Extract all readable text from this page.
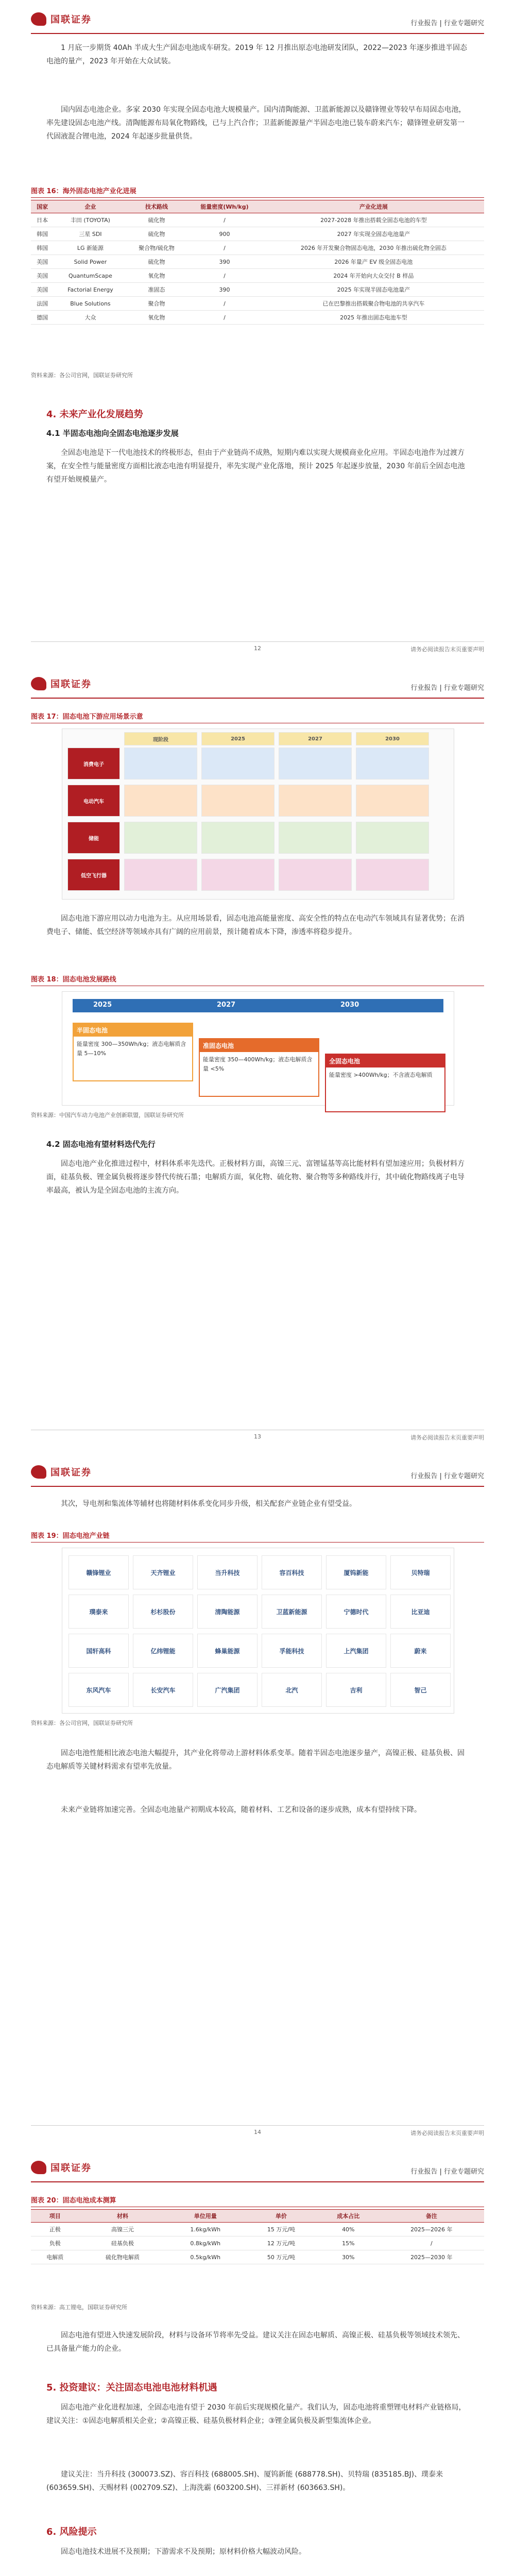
国联证券	行业报告 | 行业专题研究
1 月底一步期货 40Ah 半成大生产固态电池成车研发。2019 年 12 月推出原态电池研发团队，2022—2023 年逐步推进半固态电池的量产，2023 年开始在大众试装。
国内固态电池企业。多家 2030 年实现全固态电池大规模量产。国内清陶能源、卫蓝新能源以及赣锋锂业等较早布局固态电池，率先建设固态电池产线。清陶能源布局氧化物路线，已与上汽合作；卫蓝新能源量产半固态电池已装车蔚来汽车；赣锋锂业研发第一代固液混合锂电池，2024 年起逐步批量供货。
图表 16：海外固态电池产业化进展
国家	企业	技术路线	能量密度(Wh/kg)	产业化进展
日本	丰田 (TOYOTA)	硫化物	/	2027-2028 年推出搭载全固态电池的车型
韩国	三星 SDI	硫化物	900	2027 年实现全固态电池量产
韩国	LG 新能源	聚合物/硫化物	/	2026 年开发聚合物固态电池，2030 年推出硫化物全固态
美国	Solid Power	硫化物	390	2026 年量产 EV 级全固态电池
美国	QuantumScape	氧化物	/	2024 年开始向大众交付 B 样品
美国	Factorial Energy	准固态	390	2025 年实现半固态电池量产
法国	Blue Solutions	聚合物	/	已在巴黎推出搭载聚合物电池的共享汽车
德国	大众	氧化物	/	2025 年推出固态电池车型
资料来源：各公司官网，国联证券研究所
4. 未来产业化发展趋势
4.1 半固态电池向全固态电池逐步发展
全固态电池是下一代电池技术的终极形态，但由于产业链尚不成熟，短期内难以实现大规模商业化应用。半固态电池作为过渡方案，在安全性与能量密度方面相比液态电池有明显提升，率先实现产业化落地，预计 2025 年起逐步放量，2030 年前后全固态电池有望开始规模量产。
12	请务必阅读报告末页重要声明
国联证券	行业报告 | 行业专题研究
图表 17：固态电池下游应用场景示意
现阶段	2025	2027	2030
消费电子
电动汽车
储能
低空飞行器
固态电池下游应用以动力电池为主。从应用场景看，固态电池高能量密度、高安全性的特点在电动汽车领域具有显著优势；在消费电子、储能、低空经济等领域亦具有广阔的应用前景，预计随着成本下降，渗透率将稳步提升。
图表 18：固态电池发展路线
2025	2027	2030
半固态电池
能量密度 300—350Wh/kg；液态电解质含量 5—10%
准固态电池
能量密度 350—400Wh/kg；液态电解质含量 <5%
全固态电池
能量密度 >400Wh/kg；不含液态电解质
资料来源：中国汽车动力电池产业创新联盟，国联证券研究所
4.2 固态电池有望材料迭代先行
固态电池产业化推进过程中，材料体系率先迭代。正极材料方面，高镍三元、富锂锰基等高比能材料有望加速应用；负极材料方面，硅基负极、锂金属负极将逐步替代传统石墨；电解质方面，氧化物、硫化物、聚合物等多种路线并行，其中硫化物路线离子电导率最高，被认为是全固态电池的主流方向。
13	请务必阅读报告末页重要声明
国联证券	行业报告 | 行业专题研究
其次，导电剂和集流体等辅材也将随材料体系变化同步升级，相关配套产业链企业有望受益。
图表 19：固态电池产业链
赣锋锂业	天齐锂业	当升科技	容百科技	厦钨新能	贝特瑞
璞泰来	杉杉股份	清陶能源	卫蓝新能源	宁德时代	比亚迪
国轩高科	亿纬锂能	蜂巢能源	孚能科技	上汽集团	蔚来
东风汽车	长安汽车	广汽集团	北汽	吉利	智己
资料来源：各公司官网，国联证券研究所
固态电池性能相比液态电池大幅提升，其产业化将带动上游材料体系变革。随着半固态电池逐步量产，高镍正极、硅基负极、固态电解质等关键材料需求有望率先放量。
未来产业链将加速完善。全固态电池量产初期成本较高，随着材料、工艺和设备的逐步成熟，成本有望持续下降。
14	请务必阅读报告末页重要声明
国联证券	行业报告 | 行业专题研究
图表 20：固态电池成本测算
项目	材料	单位用量	单价	成本占比	备注
正极	高镍三元	1.6kg/kWh	15 万元/吨	40%	2025—2026 年
负极	硅基负极	0.8kg/kWh	12 万元/吨	15%	/
电解质	硫化物电解质	0.5kg/kWh	50 万元/吨	30%	2025—2030 年
资料来源：高工锂电，国联证券研究所
固态电池有望进入快速发展阶段，材料与设备环节将率先受益。建议关注在固态电解质、高镍正极、硅基负极等领域技术领先、已具备量产能力的企业。
5. 投资建议：关注固态电池电池材料机遇
固态电池产业化进程加速，全固态电池有望于 2030 年前后实现规模化量产。我们认为，固态电池将重塑锂电材料产业链格局，建议关注：①固态电解质相关企业；②高镍正极、硅基负极材料企业；③锂金属负极及新型集流体企业。
建议关注：当升科技 (300073.SZ)、容百科技 (688005.SH)、厦钨新能 (688778.SH)、贝特瑞 (835185.BJ)、璞泰来 (603659.SH)、天赐材料 (002709.SZ)、上海洗霸 (603200.SH)、三祥新材 (603663.SH)。
6. 风险提示
固态电池技术进展不及预期；下游需求不及预期；原材料价格大幅波动风险。
